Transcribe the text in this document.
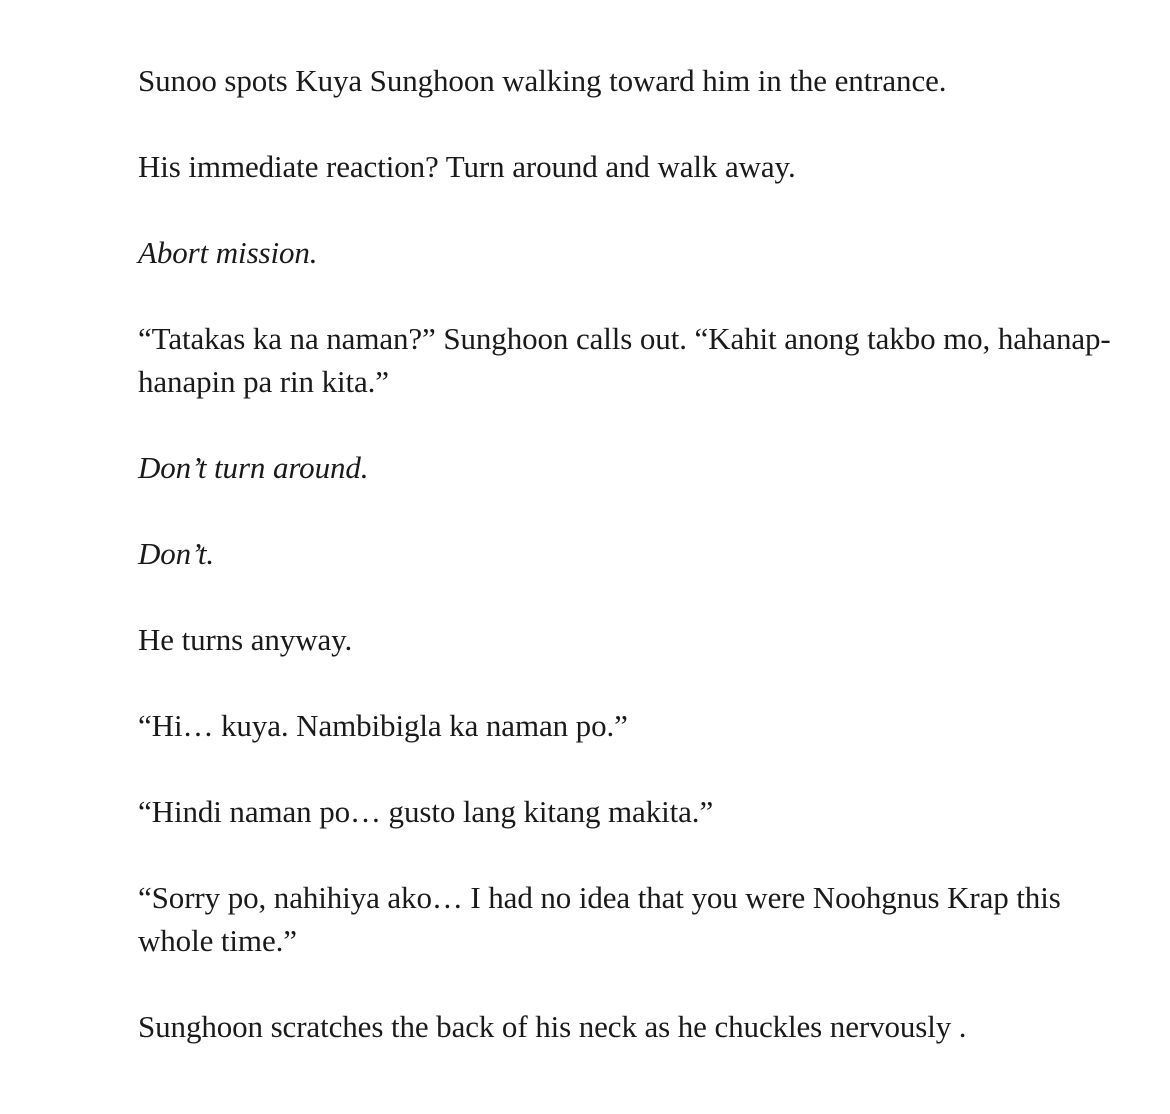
Sunoo spots Kuya Sunghoon walking toward him in the entrance.

His immediate reaction? Turn around and walk away.

Abort mission.

“Tatakas ka na naman?” Sunghoon calls out. “Kahit anong takbo mo, hahanap-hanapin pa rin kita.”

Don’t turn around.

Don’t.

He turns anyway.

“Hi… kuya. Nambibigla ka naman po.”

“Hindi naman po… gusto lang kitang makita.”

“Sorry po, nahihiya ako… I had no idea that you were Noohgnus Krap this whole time.”

Sunghoon scratches the back of his neck as he chuckles nervously .
